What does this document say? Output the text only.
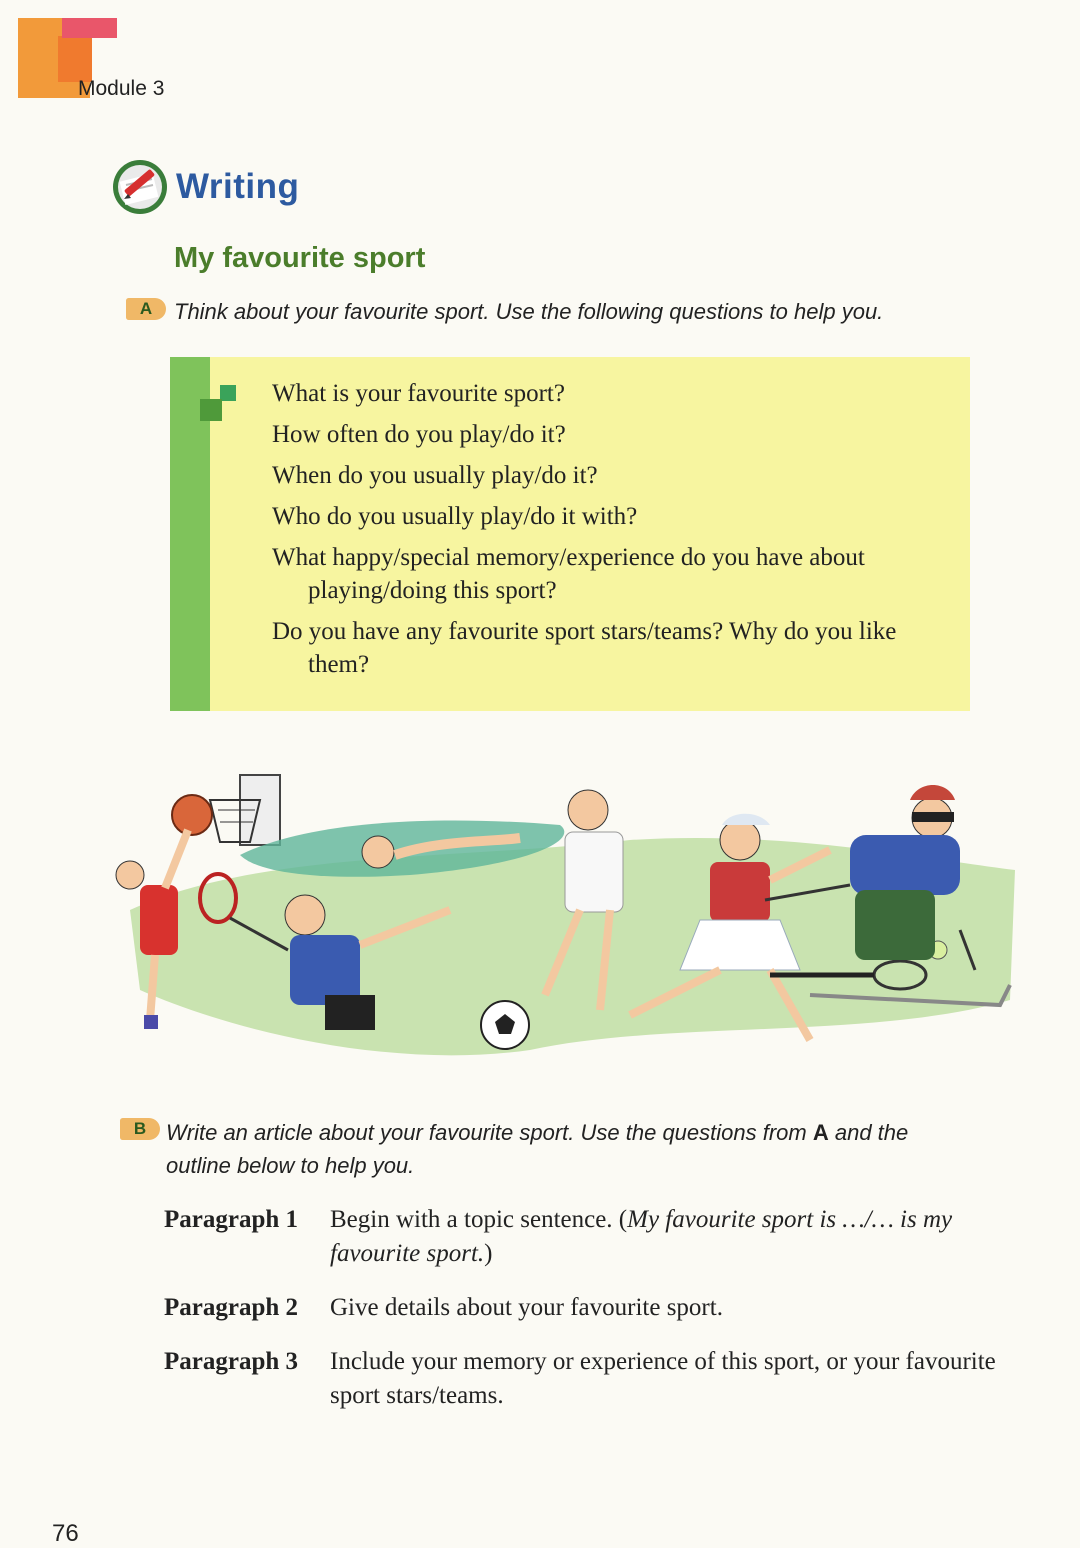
Module 3
Writing
My favourite sport
A Think about your favourite sport. Use the following questions to help you.
What is your favourite sport?
How often do you play/do it?
When do you usually play/do it?
Who do you usually play/do it with?
What happy/special memory/experience do you have about playing/doing this sport?
Do you have any favourite sport stars/teams? Why do you like them?
B Write an article about your favourite sport. Use the questions from A and the outline below to help you.
Paragraph 1	Begin with a topic sentence. (My favourite sport is …/… is my favourite sport.)
Paragraph 2	Give details about your favourite sport.
Paragraph 3	Include your memory or experience of this sport, or your favourite sport stars/teams.
76
